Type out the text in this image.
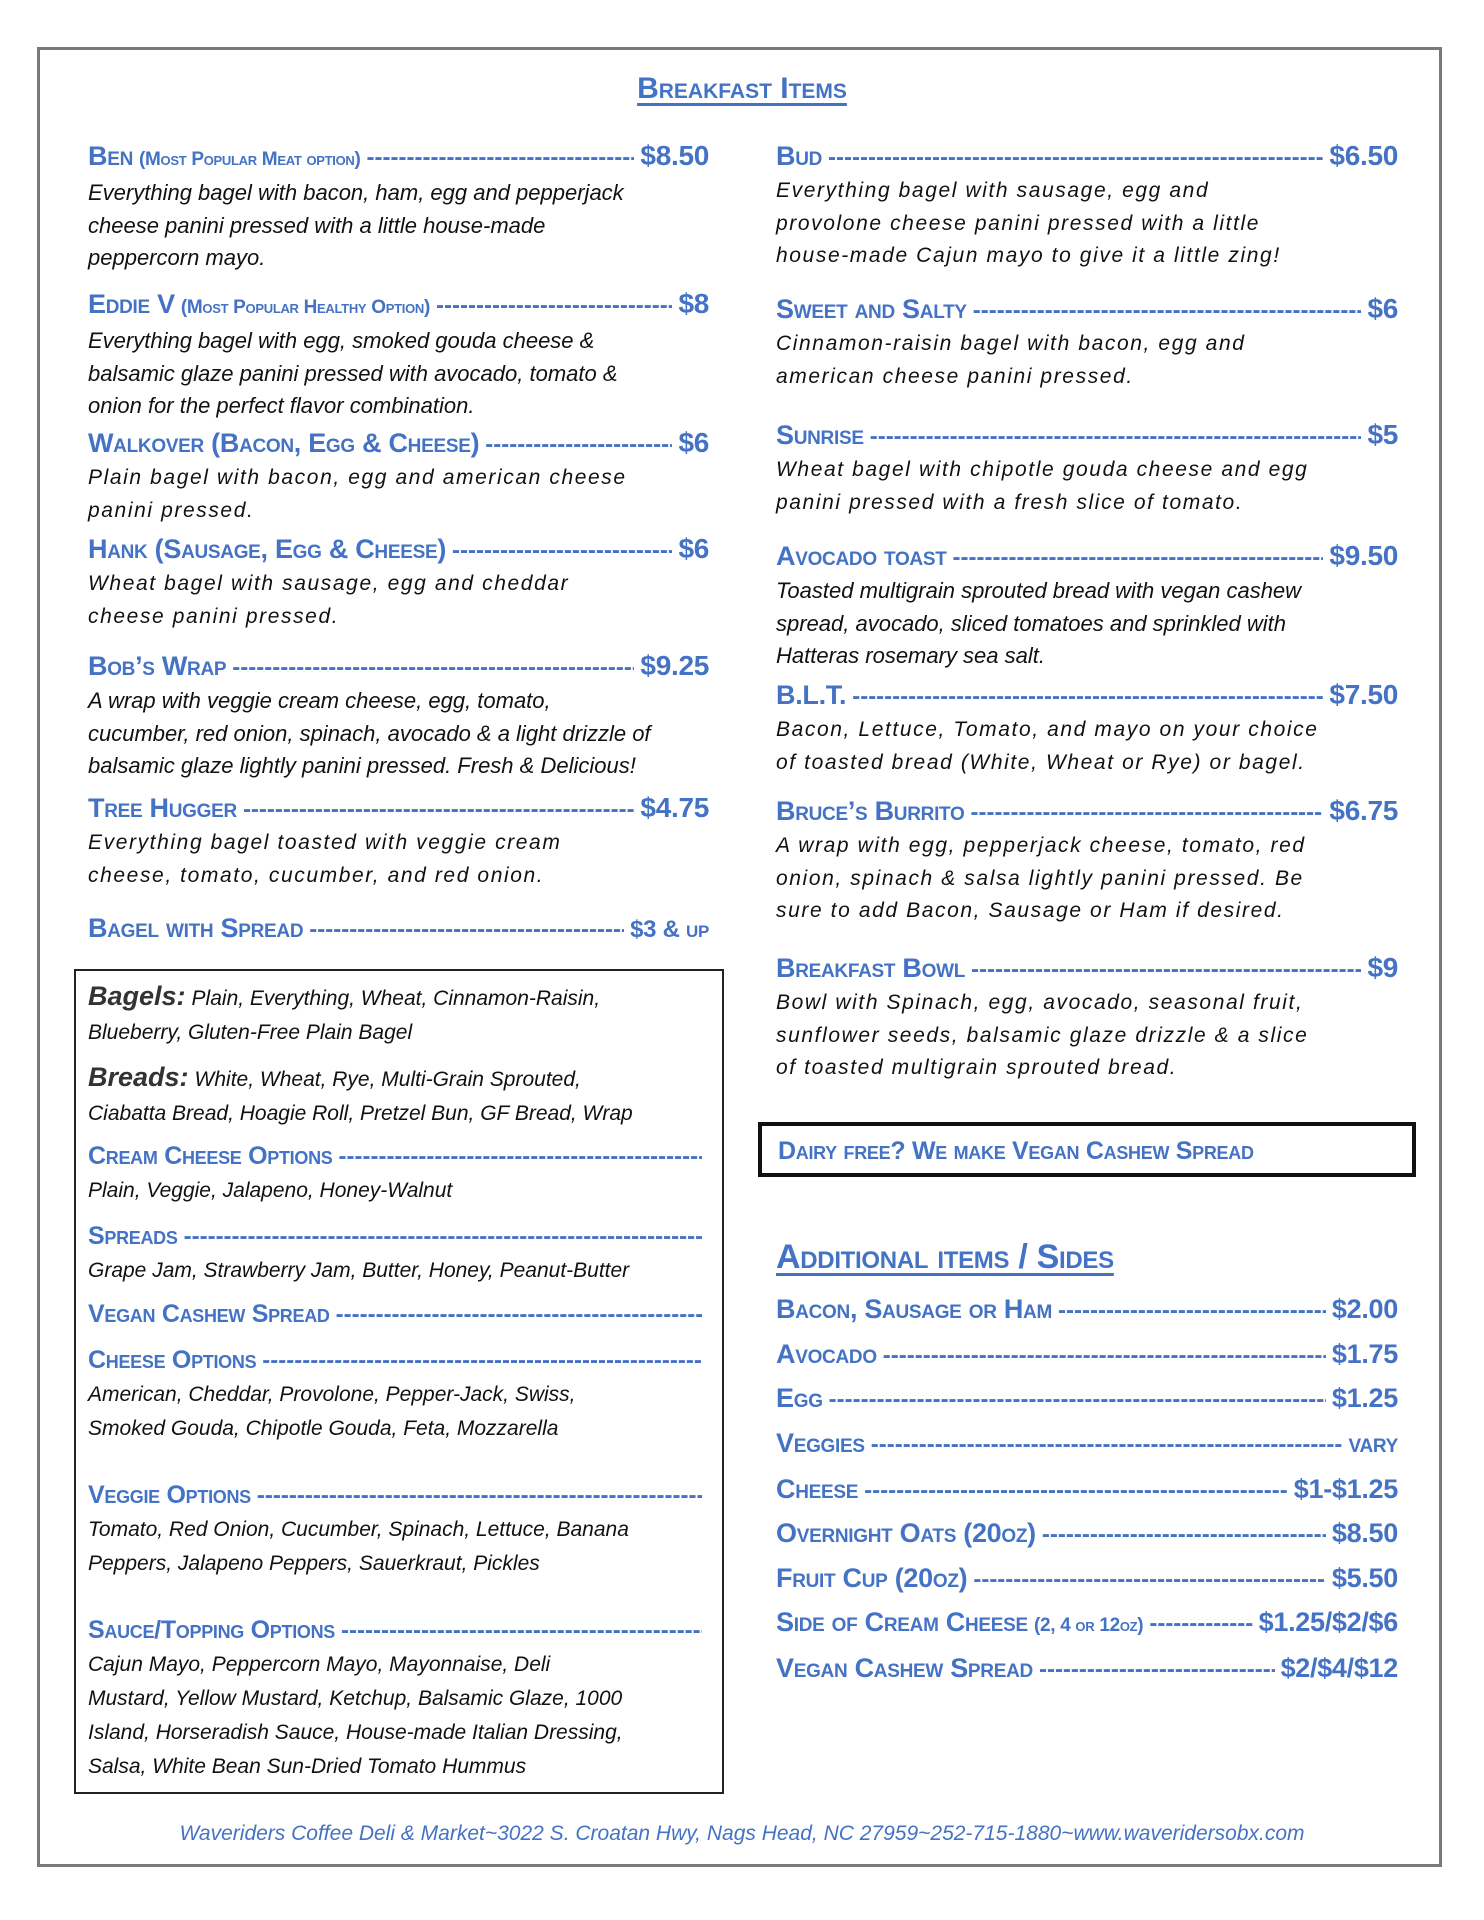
Breakfast Items
Ben (Most Popular Meat option) -----	$8.50
Everything bagel with bacon, ham, egg and pepperjack
cheese panini pressed with a little house-made
peppercorn mayo.
Eddie V (Most Popular Healthy Option) -----	$8
Everything bagel with egg, smoked gouda cheese &
balsamic glaze panini pressed with avocado, tomato &
onion for the perfect flavor combination.
Walkover (Bacon, Egg & Cheese) -----	$6
Plain bagel with bacon, egg and american cheese
panini pressed.
Hank (Sausage, Egg & Cheese) -----	$6
Wheat bagel with sausage, egg and cheddar
cheese panini pressed.
Bob’s Wrap -----	$9.25
A wrap with veggie cream cheese, egg, tomato,
cucumber, red onion, spinach, avocado & a light drizzle of
balsamic glaze lightly panini pressed. Fresh & Delicious!
Tree Hugger -----	$4.75
Everything bagel toasted with veggie cream
cheese, tomato, cucumber, and red onion.
Bagel with Spread -----	$3 & up
Bud -----	$6.50
Everything bagel with sausage, egg and
provolone cheese panini pressed with a little
house-made Cajun mayo to give it a little zing!
Sweet and Salty -----	$6
Cinnamon-raisin bagel with bacon, egg and
american cheese panini pressed.
Sunrise -----	$5
Wheat bagel with chipotle gouda cheese and egg
panini pressed with a fresh slice of tomato.
Avocado toast -----	$9.50
Toasted multigrain sprouted bread with vegan cashew
spread, avocado, sliced tomatoes and sprinkled with
Hatteras rosemary sea salt.
B.L.T. -----	$7.50
Bacon, Lettuce, Tomato, and mayo on your choice
of toasted bread (White, Wheat or Rye) or bagel.
Bruce’s Burrito -----	$6.75
A wrap with egg, pepperjack cheese, tomato, red
onion, spinach & salsa lightly panini pressed. Be
sure to add Bacon, Sausage or Ham if desired.
Breakfast Bowl -----	$9
Bowl with Spinach, egg, avocado, seasonal fruit,
sunflower seeds, balsamic glaze drizzle & a slice
of toasted multigrain sprouted bread.
Bagels: Plain, Everything, Wheat, Cinnamon-Raisin,
Blueberry, Gluten-Free Plain Bagel
Breads: White, Wheat, Rye, Multi-Grain Sprouted,
Ciabatta Bread, Hoagie Roll, Pretzel Bun, GF Bread, Wrap
Cream Cheese Options
-----
Plain, Veggie, Jalapeno, Honey-Walnut
Spreads
-----
Grape Jam, Strawberry Jam, Butter, Honey, Peanut-Butter
Vegan Cashew Spread
-----
Cheese Options
-----
American, Cheddar, Provolone, Pepper-Jack, Swiss,
Smoked Gouda, Chipotle Gouda, Feta, Mozzarella
Veggie Options
-----
Tomato, Red Onion, Cucumber, Spinach, Lettuce, Banana
Peppers, Jalapeno Peppers, Sauerkraut, Pickles
Sauce/Topping Options
-----
Cajun Mayo, Peppercorn Mayo, Mayonnaise, Deli
Mustard, Yellow Mustard, Ketchup, Balsamic Glaze, 1000
Island, Horseradish Sauce, House-made Italian Dressing,
Salsa, White Bean Sun-Dried Tomato Hummus
Dairy free? We make Vegan Cashew Spread
Additional items / Sides
Bacon, Sausage or Ham -----	$2.00
Avocado -----	$1.75
Egg -----	$1.25
Veggies -----	vary
Cheese -----	$1-$1.25
Overnight Oats (20oz) -----	$8.50
Fruit Cup (20oz) -----	$5.50
Side of Cream Cheese (2, 4 or 12oz) -----	$1.25/$2/$6
Vegan Cashew Spread -----	$2/$4/$12
Waveriders Coffee Deli & Market~3022 S. Croatan Hwy, Nags Head, NC 27959~252-715-1880~www.waveridersobx.com
